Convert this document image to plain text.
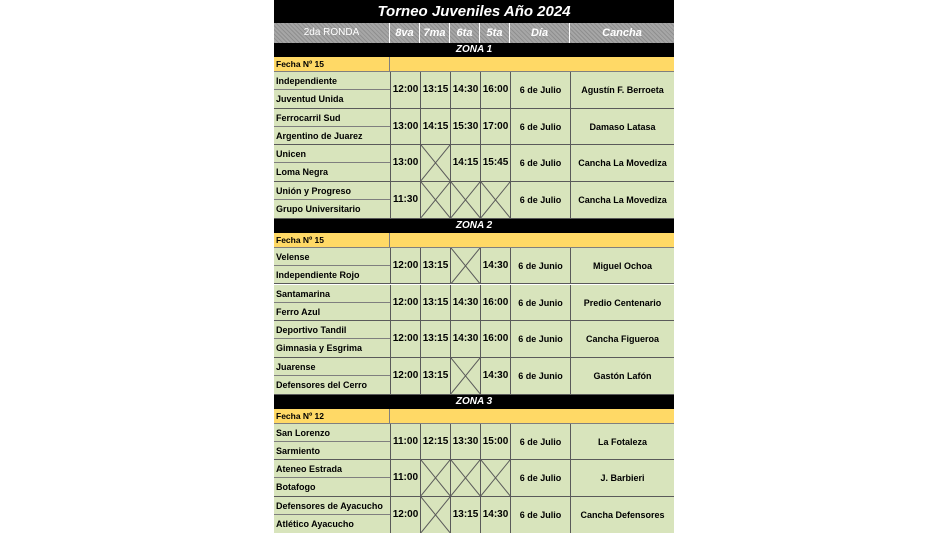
Torneo Juveniles Año 2024
2da RONDA	8va 7ma	6ta	5ta	Día	Cancha
ZONA 1
Fecha Nº 15
Independiente
Juventud Unida
12:00 13:15 14:30 16:00	6 de Julio	Agustín F. Berroeta
Ferrocarril Sud
Argentino de Juarez
13:00 14:15 15:30 17:00	6 de Julio	Damaso Latasa
Unicen
Loma Negra
13:00	14:15 15:45	6 de Julio	Cancha La Movediza
Unión y Progreso
Grupo Universitario
11:30	6 de Julio	Cancha La Movediza
ZONA 2
Fecha Nº 15
Velense
Independiente Rojo
12:00 13:15	14:30	6 de Junio	Miguel Ochoa
Santamarina
Ferro Azul
12:00 13:15 14:30 16:00	6 de Junio	Predio Centenario
Deportivo Tandil
Gimnasia y Esgrima
12:00 13:15 14:30 16:00	6 de Junio	Cancha Figueroa
Juarense
Defensores del Cerro
12:00 13:15	14:30	6 de Junio	Gastón Lafón
ZONA 3
Fecha Nº 12
San Lorenzo
Sarmiento
11:00 12:15 13:30 15:00	6 de Julio	La Fotaleza
Ateneo Estrada
Botafogo
11:00	6 de Julio	J. Barbieri
Defensores de Ayacucho
Atlético Ayacucho
12:00	13:15 14:30	6 de Julio	Cancha Defensores
